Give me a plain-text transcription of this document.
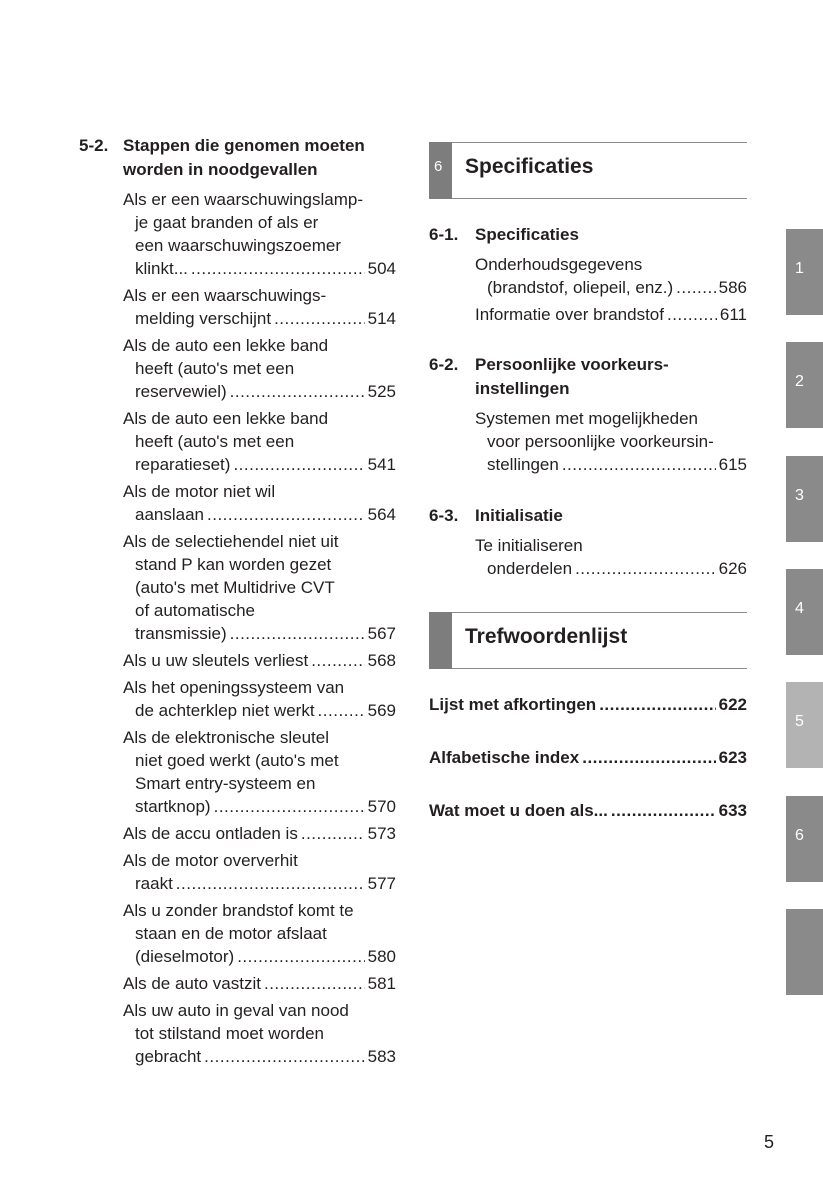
5-2. Stappen die genomen moeten
worden in noodgevallen
Als er een waarschuwingslamp-
je gaat branden of als er
een waarschuwingszoemer
klinkt... .....	504
Als er een waarschuwings-
melding verschijnt .....	514
Als de auto een lekke band
heeft (auto's met een
reservewiel) .....	525
Als de auto een lekke band
heeft (auto's met een
reparatieset) .....	541
Als de motor niet wil
aanslaan .....	564
Als de selectiehendel niet uit
stand P kan worden gezet
(auto's met Multidrive CVT
of automatische
transmissie) .....	567
Als u uw sleutels verliest .....	568
Als het openingssysteem van
de achterklep niet werkt .....	569
Als de elektronische sleutel
niet goed werkt (auto's met
Smart entry-systeem en
startknop) .....	570
Als de accu ontladen is .....	573
Als de motor oververhit
raakt .....	577
Als u zonder brandstof komt te
staan en de motor afslaat
(dieselmotor) .....	580
Als de auto vastzit .....	581
Als uw auto in geval van nood
tot stilstand moet worden
gebracht .....	583
6 Specificaties
6-1. Specificaties
Onderhoudsgegevens
(brandstof, oliepeil, enz.) .....	586
Informatie over brandstof .....	611
6-2. Persoonlijke voorkeurs-
instellingen
Systemen met mogelijkheden
voor persoonlijke voorkeursin-
stellingen .....	615
6-3. Initialisatie
Te initialiseren
onderdelen .....	626
Trefwoordenlijst
Lijst met afkortingen .....	622
Alfabetische index .....	623
Wat moet u doen als... .....	633
1
2
3
4
5
6
5
